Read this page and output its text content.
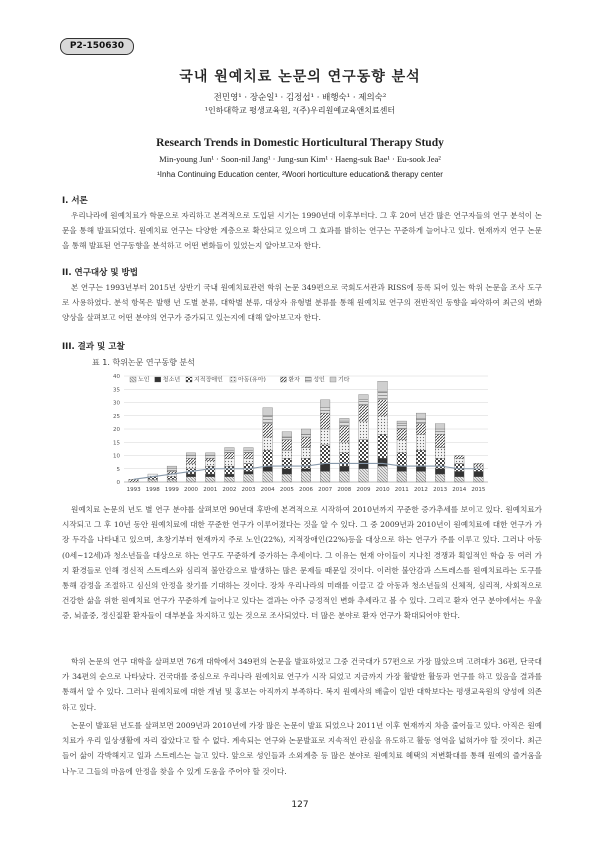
P2-150630
국내 원예치료 논문의 연구동향 분석
전민영¹ · 장순일¹ · 김정섭¹ · 배행숙¹ · 제의숙²
¹인하대학교 평생교육원, ²(주)우리원예교육앤치료센터
Research Trends in Domestic Horticultural Therapy Study
Min-young Jun¹ · Soon-nil Jang¹ · Jung-sun Kim¹ · Haeng-suk Bae¹ · Eu-sook Jea²
¹Inha Continuing Education center, ²Woori horticulture education& therapy center
I. 서론

우리나라에 원예치료가 학문으로 자리하고 본격적으로 도입된 시기는 1990년대 이후부터다. 그 후 20여 년간 많은 연구자들의 연구 분석이 논문을 통해 발표되었다. 원예치료 연구는 다양한 계층으로 확산되고 있으며 그 효과를 밝히는 연구는 꾸준하게 늘어나고 있다. 현재까지 연구 논문을 통해 발표된 연구동향을 분석하고 어떤 변화들이 있었는지 알아보고자 한다.

II. 연구대상 및 방법

본 연구는 1993년부터 2015년 상반기 국내 원예치료관련 학위 논문 349편으로 국회도서관과 RISS에 등록 되어 있는 학위 논문을 조사 도구로 사용하였다. 분석 항목은 발행 년 도별 분류, 대학별 분류, 대상자 유형별 분류를 통해 원예치료 연구의 전반적인 동향을 파악하여 최근의 변화 양상을 살펴보고 어떤 분야의 연구가 증가되고 있는지에 대해 알아보고자 한다.

III. 결과 및 고찰
표 1. 학위논문 연구동향 분석
노인 청소년 지적장애인	아동(유아)	환자 성인 기타
0
5
10
15
20
25
30
35
40
1993 1998 1999 2000 2001 2002 2003 2004 2005 2006 2007 2008 2009 2010 2011 2012 2013 2014 2015

원예치료 논문의 년도 별 연구 분야를 살펴보면 90년대 후반에 본격적으로 시작하여 2010년까지 꾸준한 증가추세를 보이고 있다. 원예치료가 시작되고 그 후 10년 동안 원예치료에 대한 꾸준한 연구가 이루어졌다는 것을 알 수 있다. 그 중 2009년과 2010년이 원예치료에 대한 연구가 가장 두각을 나타내고 있으며, 초창기부터 현재까지 주로 노인(22%), 지적장애인(22%)등을 대상으로 하는 연구가 주를 이루고 있다. 그러나 아동(0세~12세)과 청소년들을 대상으로 하는 연구도 꾸준하게 증가하는 추세이다. 그 이유는 현재 아이들이 지나친 경쟁과 획일적인 학습 등 여러 가지 환경들로 인해 정신적 스트레스와 심리적 불안감으로 발생하는 많은 문제들 때문일 것이다. 이러한 불안감과 스트레스를 원예치료라는 도구를 통해 감정을 조절하고 심신의 안정을 찾기를 기대하는 것이다. 장차 우리나라의 미래를 이끌고 갈 아동과 청소년들의 신체적, 심리적, 사회적으로 건강한 삶을 위한 원예치료 연구가 꾸준하게 늘어나고 있다는 결과는 아주 긍정적인 변화 추세라고 볼 수 있다. 그리고 환자 연구 분야에서는 우울증, 뇌졸중, 정신질환 환자들이 대부분을 차지하고 있는 것으로 조사되었다. 더 많은 분야로 환자 연구가 확대되어야 한다.

학위 논문의 연구 대학을 살펴보면 76개 대학에서 349편의 논문을 발표하였고 그중 건국대가 57편으로 가장 많았으며 고려대가 36편, 단국대가 34편의 순으로 나타났다. 건국대를 중심으로 우리나라 원예치료 연구가 시작 되었고 지금까지 가장 활발한 활동과 연구를 하고 있음을 결과를 통해서 알 수 있다. 그러나 원예치료에 대한 개념 및 홍보는 아직까지 부족하다. 복지 원예사의 배출이 일반 대학보다는 평생교육원의 양성에 의존하고 있다.

논문이 발표된 년도를 살펴보면 2009년과 2010년에 가장 많은 논문이 발표 되었으나 2011년 이후 현재까지 차츰 줄어들고 있다. 아직은 원예치료가 우리 일상생활에 자리 잡았다고 할 수 없다. 계속되는 연구와 논문발표로 지속적인 관심을 유도하고 활동 영역을 넓혀가야 할 것이다. 최근 들어 삶이 각박해지고 일과 스트레스는 늘고 있다. 앞으로 성인들과 소외계층 등 많은 분야로 원예치료 혜택의 저변확대를 통해 원예의 즐거움을 나누고 그들의 마음에 안정을 찾을 수 있게 도움을 주어야 할 것이다.

127
